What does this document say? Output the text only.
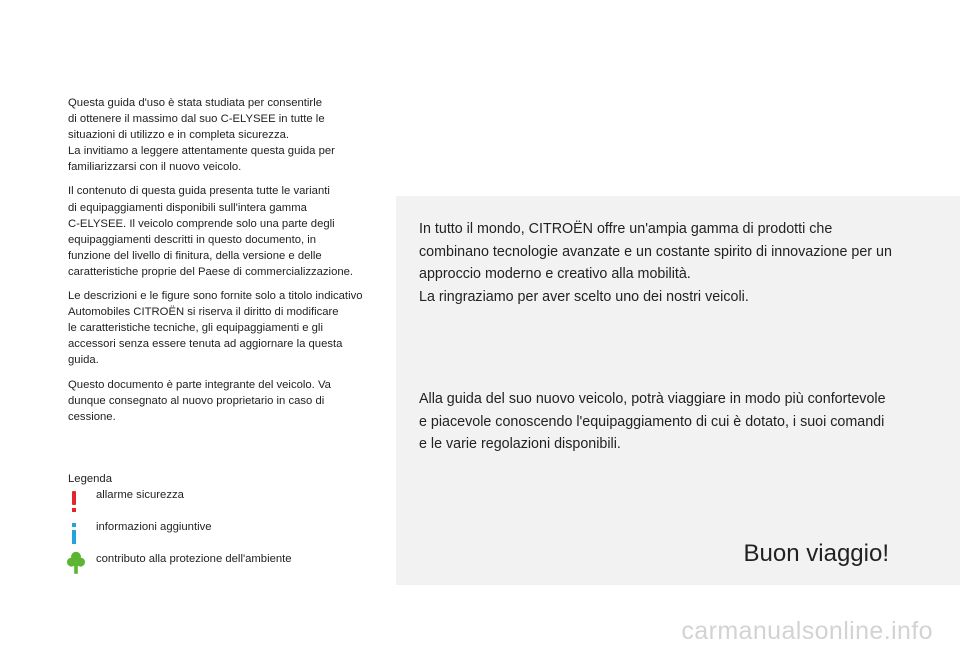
Questa guida d'uso è stata studiata per consentirle
di ottenere il massimo dal suo C-ELYSEE in tutte le
situazioni di utilizzo e in completa sicurezza.
La invitiamo a leggere attentamente questa guida per
familiarizzarsi con il nuovo veicolo.

Il contenuto di questa guida presenta tutte le varianti
di equipaggiamenti disponibili sull'intera gamma
C-ELYSEE. Il veicolo comprende solo una parte degli
equipaggiamenti descritti in questo documento, in
funzione del livello di finitura, della versione e delle
caratteristiche proprie del Paese di commercializzazione.

Le descrizioni e le figure sono fornite solo a titolo indicativo
Automobiles CITROËN si riserva il diritto di modificare
le caratteristiche tecniche, gli equipaggiamenti e gli
accessori senza essere tenuta ad aggiornare la questa
guida.

Questo documento è parte integrante del veicolo. Va
dunque consegnato al nuovo proprietario in caso di
cessione.

Legenda
allarme sicurezza
informazioni aggiuntive
contributo alla protezione dell'ambiente
In tutto il mondo, CITROËN offre un'ampia gamma di prodotti che
combinano tecnologie avanzate e un costante spirito di innovazione per un
approccio moderno e creativo alla mobilità.
La ringraziamo per aver scelto uno dei nostri veicoli.
Alla guida del suo nuovo veicolo, potrà viaggiare in modo più confortevole
e piacevole conoscendo l'equipaggiamento di cui è dotato, i suoi comandi
e le varie regolazioni disponibili.
Buon viaggio!
carmanualsonline.info
